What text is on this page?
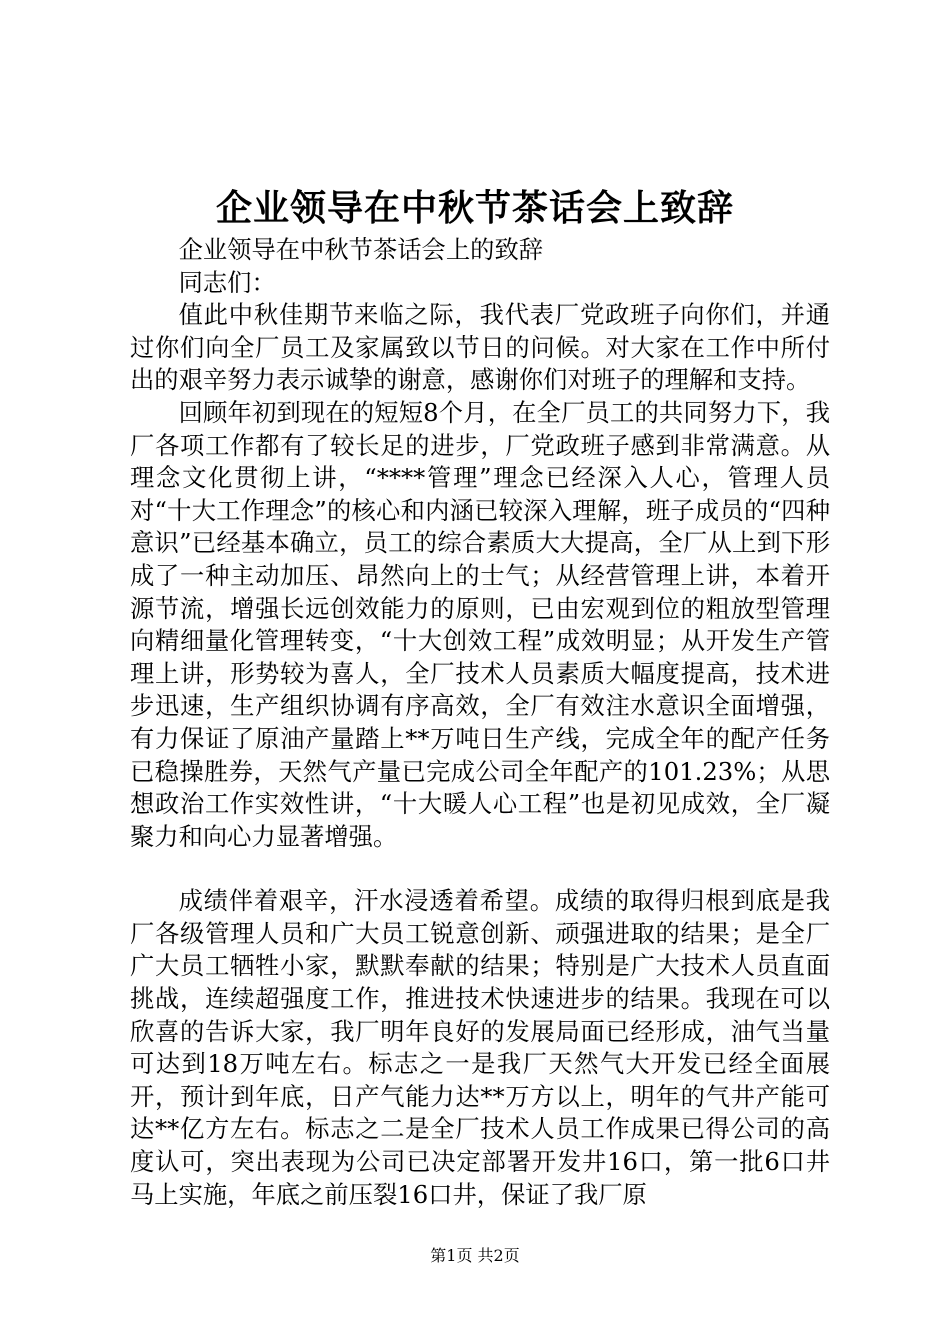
企业领导在中秋节茶话会上致辞

企业领导在中秋节茶话会上的致辞

同志们：

值此中秋佳期节来临之际，我代表厂党政班子向你们，并通过你们向全厂员工及家属致以节日的问候。对大家在工作中所付出的艰辛努力表示诚挚的谢意，感谢你们对班子的理解和支持。

回顾年初到现在的短短8个月，在全厂员工的共同努力下，我厂各项工作都有了较长足的进步，厂党政班子感到非常满意。从理念文化贯彻上讲，“****管理”理念已经深入人心，管理人员对“十大工作理念”的核心和内涵已较深入理解，班子成员的“四种意识”已经基本确立，员工的综合素质大大提高，全厂从上到下形成了一种主动加压、昂然向上的士气；从经营管理上讲，本着开源节流，增强长远创效能力的原则，已由宏观到位的粗放型管理向精细量化管理转变，“十大创效工程”成效明显；从开发生产管理上讲，形势较为喜人，全厂技术人员素质大幅度提高，技术进步迅速，生产组织协调有序高效，全厂有效注水意识全面增强，有力保证了原油产量踏上**万吨日生产线，完成全年的配产任务已稳操胜券，天然气产量已完成公司全年配产的101.23%；从思想政治工作实效性讲，“十大暖人心工程”也是初见成效，全厂凝聚力和向心力显著增强。

成绩伴着艰辛，汗水浸透着希望。成绩的取得归根到底是我厂各级管理人员和广大员工锐意创新、顽强进取的结果；是全厂广大员工牺牲小家，默默奉献的结果；特别是广大技术人员直面挑战，连续超强度工作，推进技术快速进步的结果。我现在可以欣喜的告诉大家，我厂明年良好的发展局面已经形成，油气当量可达到18万吨左右。标志之一是我厂天然气大开发已经全面展开，预计到年底，日产气能力达**万方以上，明年的气井产能可达**亿方左右。标志之二是全厂技术人员工作成果已得公司的高度认可，突出表现为公司已决定部署开发井16口，第一批6口井马上实施，年底之前压裂16口井，保证了我厂原

第1页 共2页
